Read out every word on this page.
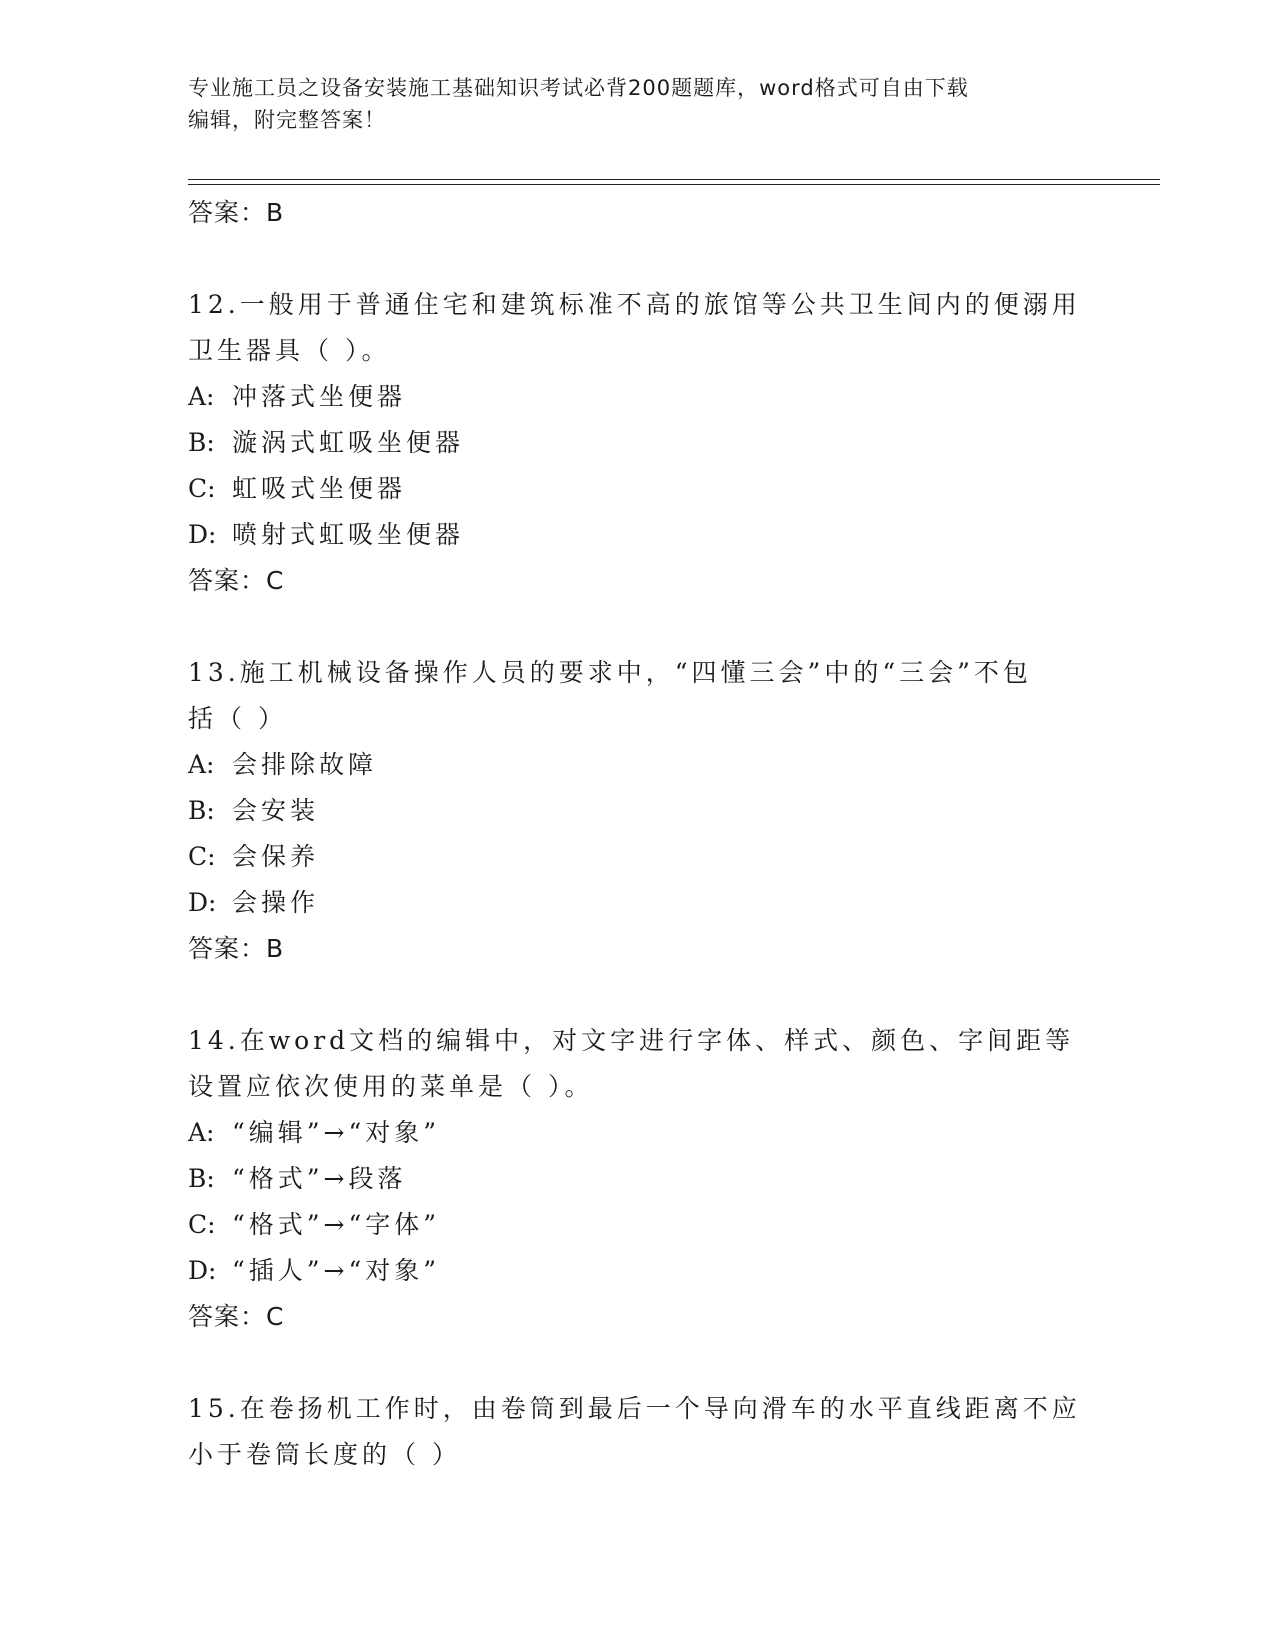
专业施工员之设备安装施工基础知识考试必背200题题库，word格式可自由下载
编辑，附完整答案！
答案：B
12.一般用于普通住宅和建筑标准不高的旅馆等公共卫生间内的便溺用
卫生器具（ ）。
A: 冲落式坐便器
B: 漩涡式虹吸坐便器
C: 虹吸式坐便器
D: 喷射式虹吸坐便器
答案：C
13.施工机械设备操作人员的要求中，“四懂三会”中的“三会”不包
括（ ）
A: 会排除故障
B: 会安装
C: 会保养
D: 会操作
答案：B
14.在word文档的编辑中，对文字进行字体、样式、颜色、字间距等
设置应依次使用的菜单是（ ）。
A: “编辑”→“对象”
B: “格式”→段落
C: “格式”→“字体”
D: “插人”→“对象”
答案：C
15.在卷扬机工作时，由卷筒到最后一个导向滑车的水平直线距离不应
小于卷筒长度的（ ）
